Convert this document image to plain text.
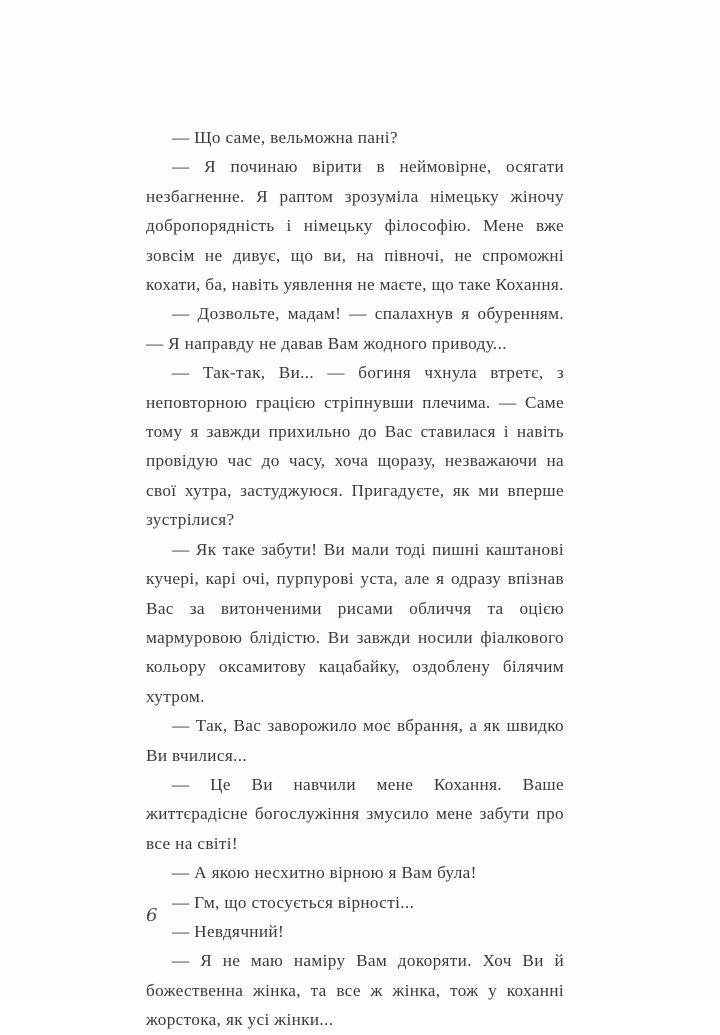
— Що саме, вельможна пані?

— Я починаю вірити в неймовірне, осягати незбагненне. Я раптом зрозуміла німецьку жіночу добропорядність і німецьку філософію. Мене вже зовсім не дивує, що ви, на півночі, не спроможні кохати, ба, навіть уявлення не маєте, що таке Кохання.

— Дозвольте, мадам! — спалахнув я обуренням. — Я направду не давав Вам жодного приводу...

— Так-так, Ви... — богиня чхнула втретє, з неповторною грацією стріпнувши плечима. — Саме тому я завжди прихильно до Вас ставилася і навіть провідую час до часу, хоча щоразу, незважаючи на свої хутра, застуджуюся. Пригадуєте, як ми вперше зустрілися?

— Як таке забути! Ви мали тоді пишні каштанові кучері, карі очі, пурпурові уста, але я одразу впізнав Вас за витонченими рисами обличчя та оцією мармуровою блідістю. Ви завжди носили фіалкового кольору оксамитову кацабайку, оздоблену білячим хутром.

— Так, Вас заворожило моє вбрання, а як швидко Ви вчилися...

— Це Ви навчили мене Кохання. Ваше життєрадісне богослужіння змусило мене забути про все на світі!

— А якою несхитно вірною я Вам була!

— Гм, що стосується вірності...

— Невдячний!

— Я не маю наміру Вам докоряти. Хоч Ви й божественна жінка, та все ж жінка, тож у коханні жорстока, як усі жінки...

6
